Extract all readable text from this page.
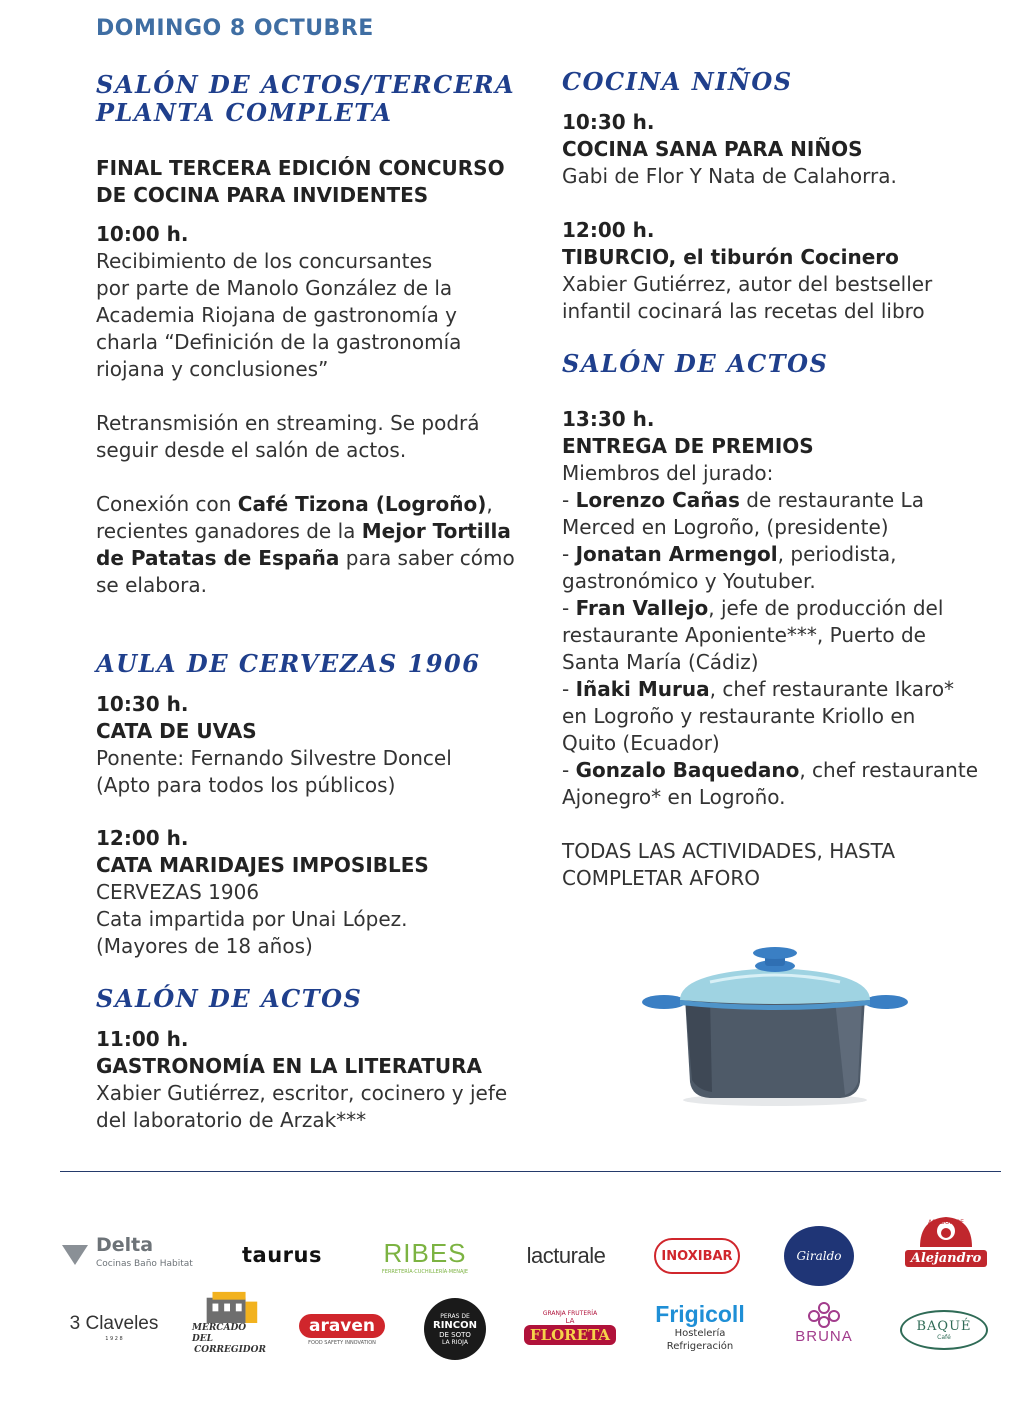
DOMINGO 8 OCTUBRE
SALÓN DE ACTOS/TERCERA
PLANTA COMPLETA
FINAL TERCERA EDICIÓN CONCURSO
DE COCINA PARA INVIDENTES
10:00 h.
Recibimiento de los concursantes
por parte de Manolo González de la
Academia Riojana de gastronomía y
charla “Definición de la gastronomía
riojana y conclusiones”
Retransmisión en streaming. Se podrá
seguir desde el salón de actos.
Conexión con Café Tizona (Logroño),
recientes ganadores de la Mejor Tortilla
de Patatas de España para saber cómo
se elabora.
AULA DE CERVEZAS 1906
10:30 h.
CATA DE UVAS
Ponente: Fernando Silvestre Doncel
(Apto para todos los públicos)
12:00 h.
CATA MARIDAJES IMPOSIBLES
CERVEZAS 1906
Cata impartida por Unai López.
(Mayores de 18 años)
SALÓN DE ACTOS
11:00 h.
GASTRONOMÍA EN LA LITERATURA
Xabier Gutiérrez, escritor, cocinero y jefe
del laboratorio de Arzak***
COCINA NIÑOS
10:30 h.
COCINA SANA PARA NIÑOS
Gabi de Flor Y Nata de Calahorra.
12:00 h.
TIBURCIO, el tiburón Cocinero
Xabier Gutiérrez, autor del bestseller
infantil cocinará las recetas del libro
SALÓN DE ACTOS
13:30 h.
ENTREGA DE PREMIOS
Miembros del jurado:
- Lorenzo Cañas de restaurante La
Merced en Logroño, (presidente)
- Jonatan Armengol, periodista,
gastronómico y Youtuber.
- Fran Vallejo, jefe de producción del
restaurante Aponiente***, Puerto de
Santa María (Cádiz)
- Iñaki Murua, chef restaurante Ikaro*
en Logroño y restaurante Kriollo en
Quito (Ecuador)
- Gonzalo Baquedano, chef restaurante
Ajonegro* en Logroño.
TODAS LAS ACTIVIDADES, HASTA
COMPLETAR AFORO
Delta
Cocinas Baño Habitat taurus RIBES
FERRETERÍA·CUCHILLERÍA·MENAJE
lacturale	INOXIBAR	Giraldo
ASADOR DE
Alejandro
3 Claveles
1 9 2 8
MERCADO DEL
CORREGIDOR
araven
FOOD SAFETY INNOVATION
PERAS DE
RINCON
DE SOTO
LA RIOJA
GRANJA FRUTERÍA
LA
FLORETA
Frigicoll
Hostelería
Refrigeración
BRUNA
BAQUÉ
Café
